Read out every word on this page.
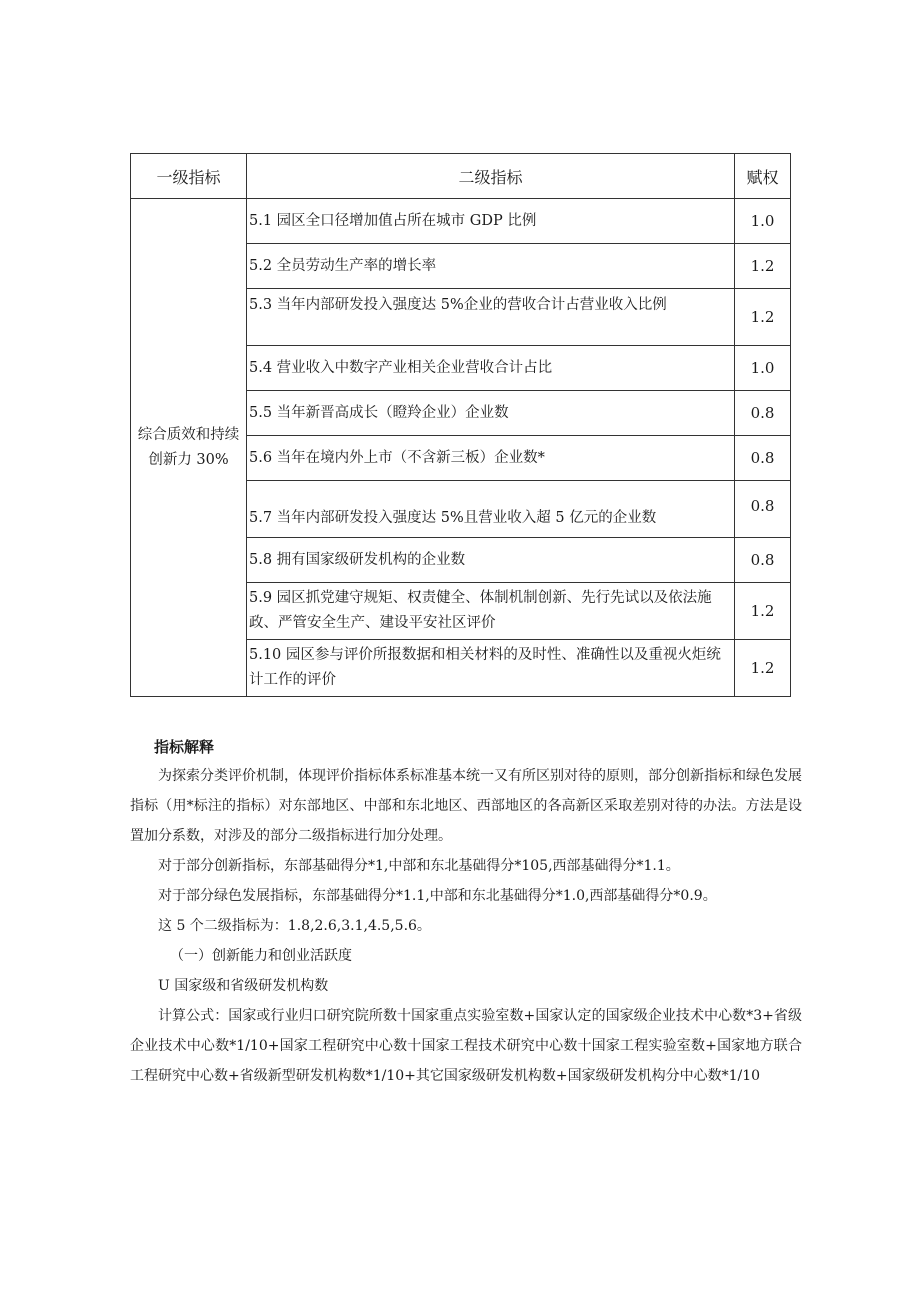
一级指标	二级指标	赋权

综合质效和持续创新力 30%	5.1 园区全口径增加值占所在城市 GDP 比例	1.0
	5.2 全员劳动生产率的增长率	1.2
	5.3 当年内部研发投入强度达 5%企业的营收合计占营业收入比例	1.2
	5.4 营业收入中数字产业相关企业营收合计占比	1.0
	5.5 当年新晋高成长（瞪羚企业）企业数	0.8
	5.6 当年在境内外上市（不含新三板）企业数*	0.8
	5.7 当年内部研发投入强度达 5%且营业收入超 5 亿元的企业数	0.8
	5.8 拥有国家级研发机构的企业数	0.8
	5.9 园区抓党建守规矩、权责健全、体制机制创新、先行先试以及依法施政、严管安全生产、建设平安社区评价	1.2
	5.10 园区参与评价所报数据和相关材料的及时性、准确性以及重视火炬统计工作的评价	1.2
指标解释

为探索分类评价机制，体现评价指标体系标准基本统一又有所区别对待的原则，部分创新指标和绿色发展指标（用*标注的指标）对东部地区、中部和东北地区、西部地区的各高新区采取差别对待的办法。方法是设置加分系数，对涉及的部分二级指标进行加分处理。

对于部分创新指标，东部基础得分*1,中部和东北基础得分*105,西部基础得分*1.1。

对于部分绿色发展指标，东部基础得分*1.1,中部和东北基础得分*1.0,西部基础得分*0.9。

这 5 个二级指标为：1.8,2.6,3.1,4.5,5.6。

（一）创新能力和创业活跃度

U 国家级和省级研发机构数

计算公式：国家或行业归口研究院所数十国家重点实验室数+国家认定的国家级企业技术中心数*3+省级企业技术中心数*1/10+国家工程研究中心数十国家工程技术研究中心数十国家工程实验室数+国家地方联合工程研究中心数+省级新型研发机构数*1/10+其它国家级研发机构数+国家级研发机构分中心数*1/10
